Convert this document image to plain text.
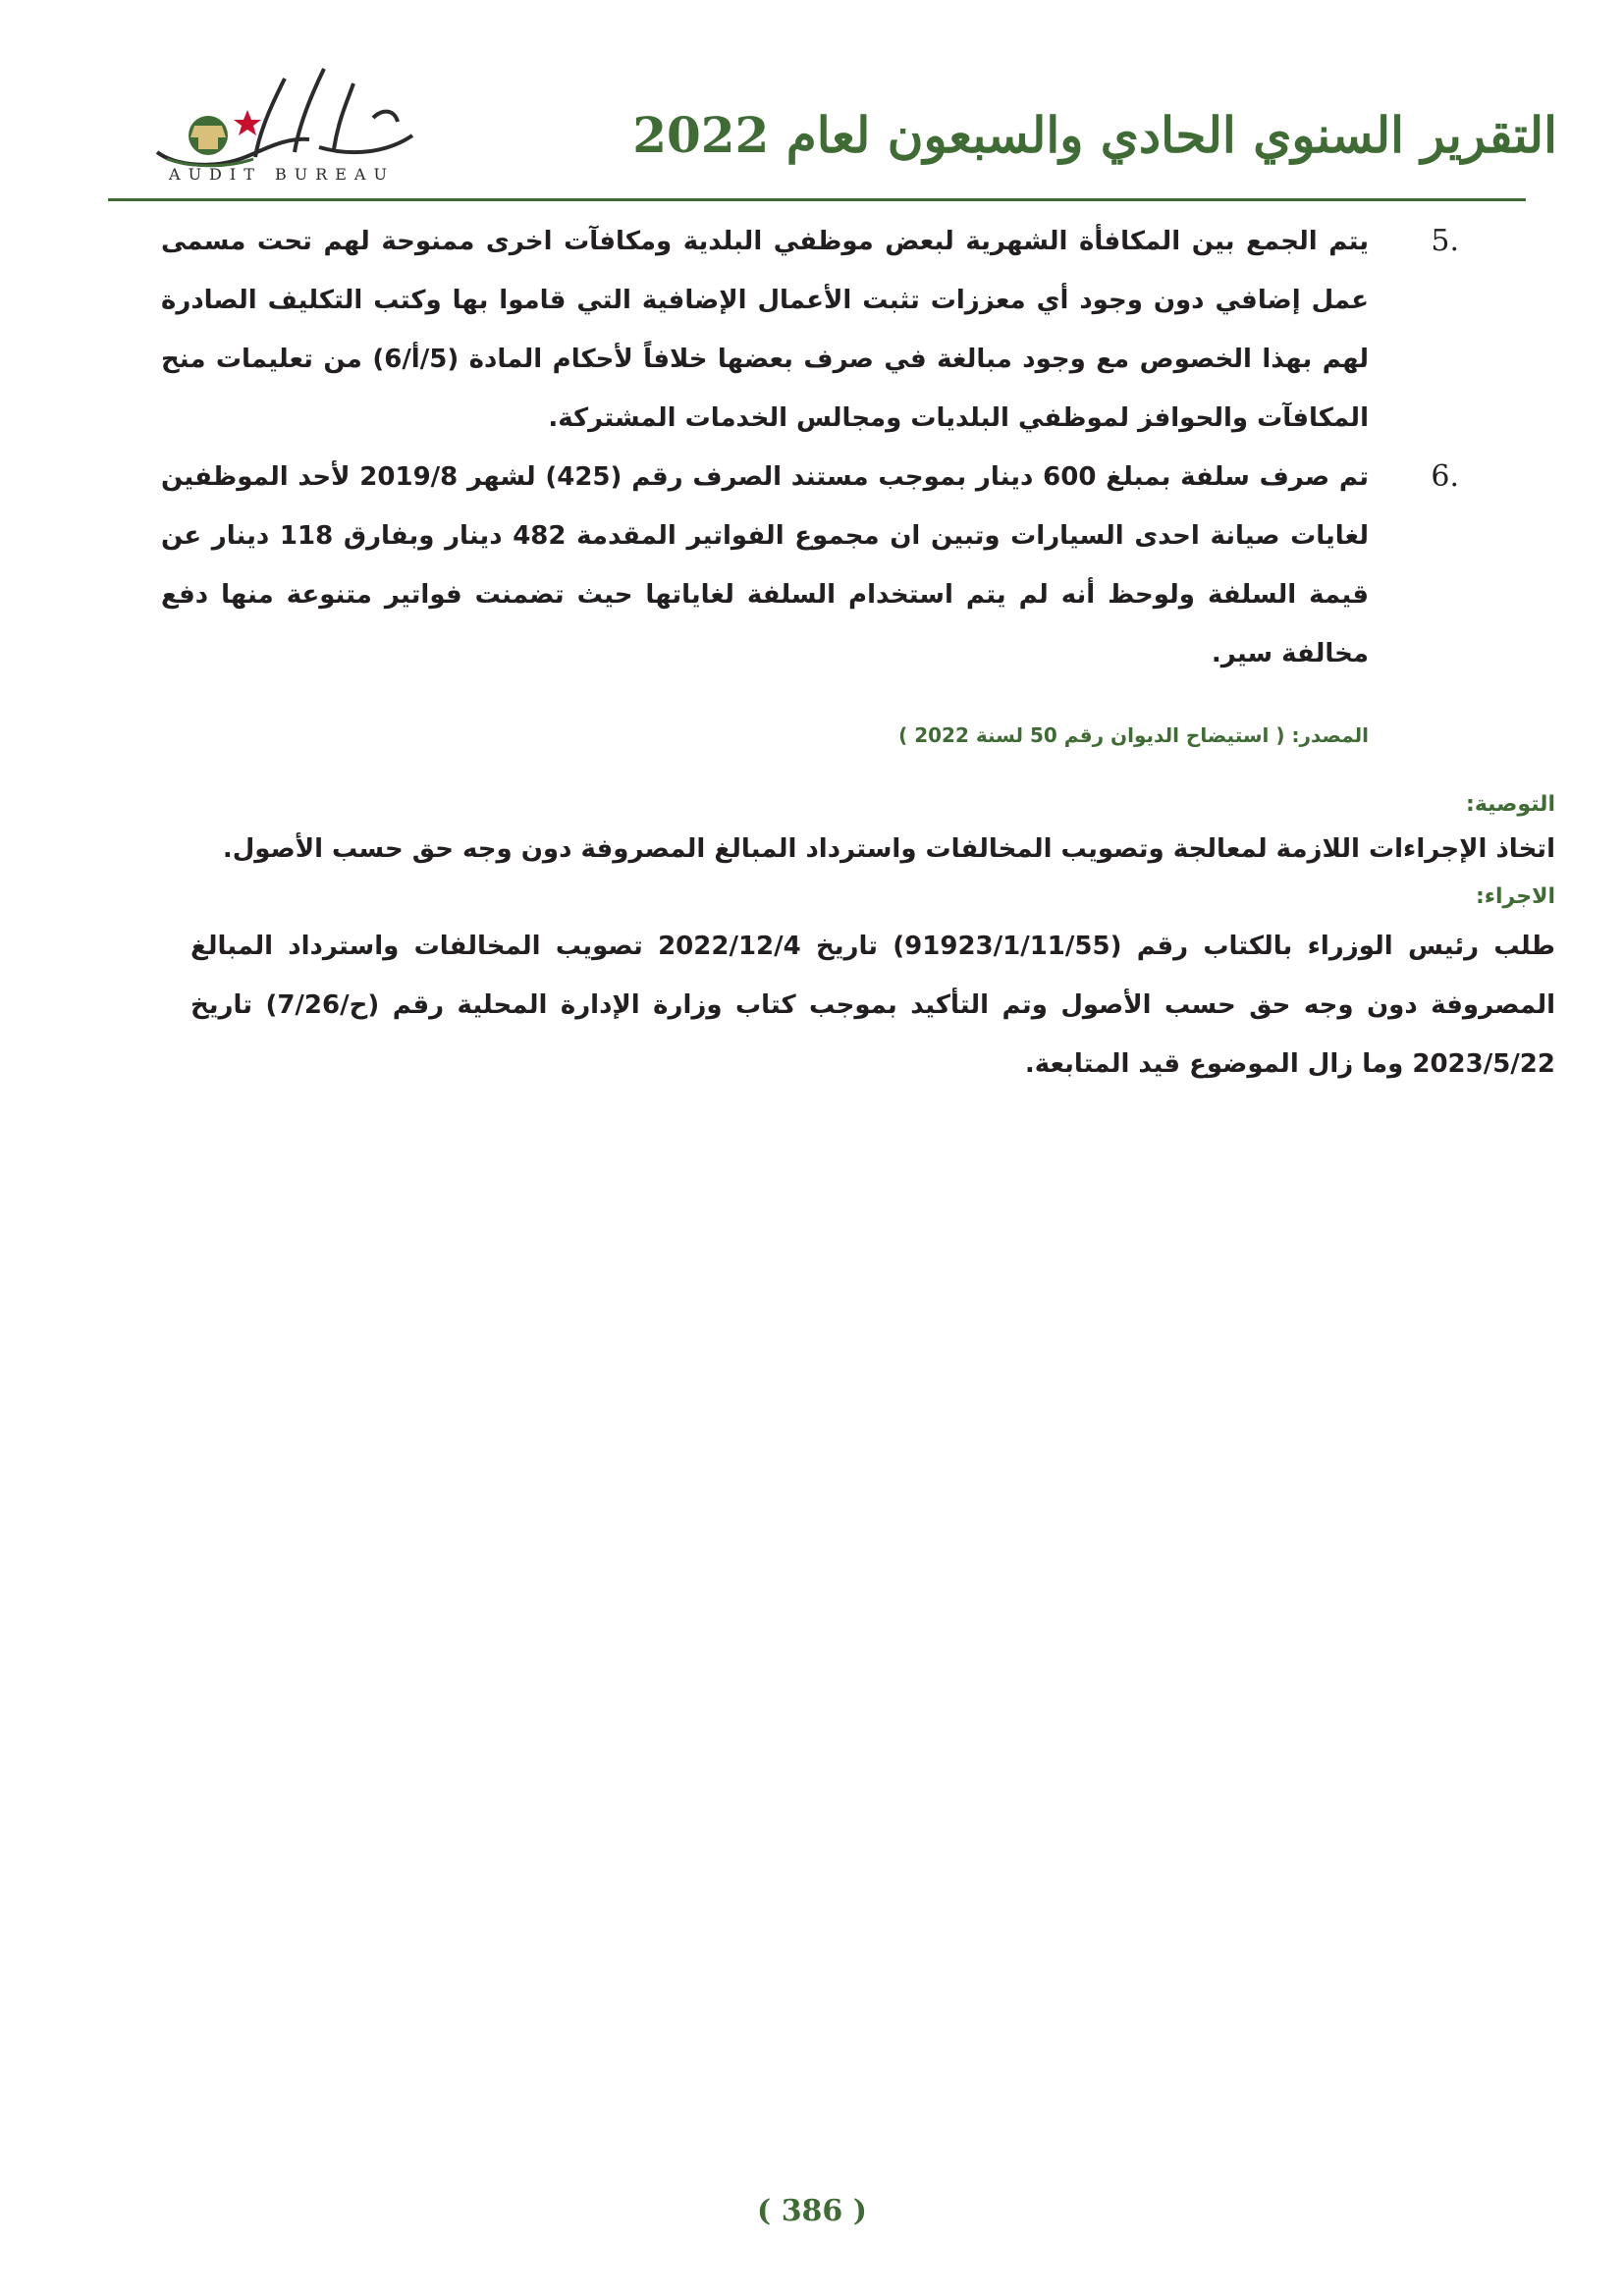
التقرير السنوي الحادي والسبعون لعام 2022
AUDIT BUREAU
5.
يتم الجمع بين المكافأة الشهرية لبعض موظفي البلدية ومكافآت اخرى ممنوحة لهم تحت مسمى عمل إضافي دون وجود أي معززات تثبت الأعمال الإضافية التي قاموا بها وكتب التكليف الصادرة لهم بهذا الخصوص مع وجود مبالغة في صرف بعضها خلافاً لأحكام المادة (5/أ/6) من تعليمات منح المكافآت والحوافز لموظفي البلديات ومجالس الخدمات المشتركة.
6.
تم صرف سلفة بمبلغ 600 دينار بموجب مستند الصرف رقم (425) لشهر 2019/8 لأحد الموظفين لغايات صيانة احدى السيارات وتبين ان مجموع الفواتير المقدمة 482 دينار وبفارق 118 دينار عن قيمة السلفة ولوحظ أنه لم يتم استخدام السلفة لغاياتها حيث تضمنت فواتير متنوعة منها دفع مخالفة سير.
المصدر: ( استيضاح الديوان رقم 50 لسنة 2022 )
التوصية:
اتخاذ الإجراءات اللازمة لمعالجة وتصويب المخالفات واسترداد المبالغ المصروفة دون وجه حق حسب الأصول.
الاجراء:
طلب رئيس الوزراء بالكتاب رقم (91923/1/11/55) تاريخ 2022/12/4 تصويب المخالفات واسترداد المبالغ المصروفة دون وجه حق حسب الأصول وتم التأكيد بموجب كتاب وزارة الإدارة المحلية رقم (ح/7/26) تاريخ 2023/5/22 وما زال الموضوع قيد المتابعة.
( 386 )
